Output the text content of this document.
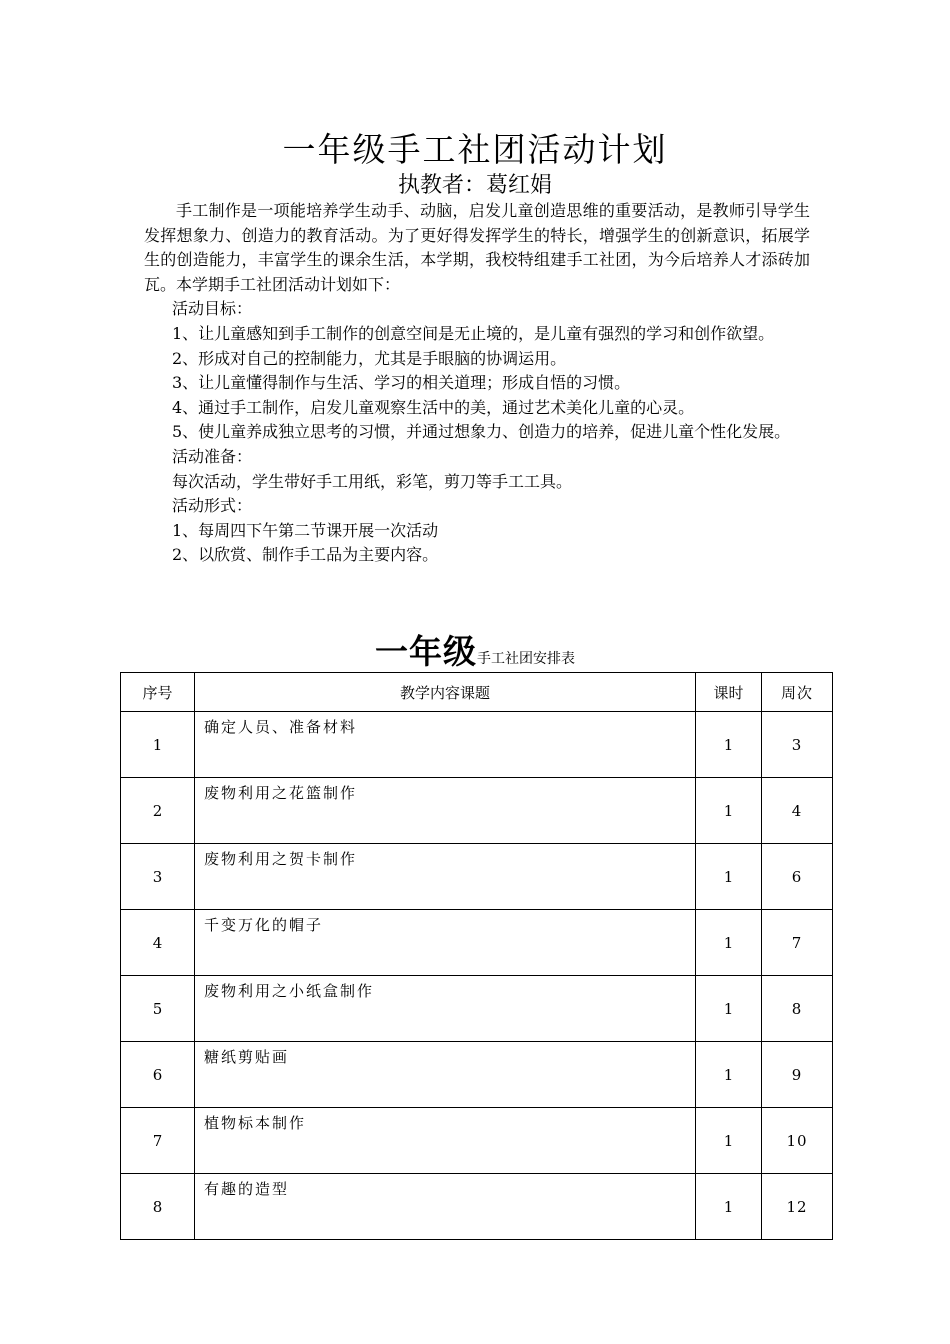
一年级手工社团活动计划
执教者：葛红娟

手工制作是一项能培养学生动手、动脑，启发儿童创造思维的重要活动，是教师引导学生发挥想象力、创造力的教育活动。为了更好得发挥学生的特长，增强学生的创新意识，拓展学生的创造能力，丰富学生的课余生活，本学期，我校特组建手工社团，为今后培养人才添砖加瓦。本学期手工社团活动计划如下：

活动目标：

1、让儿童感知到手工制作的创意空间是无止境的，是儿童有强烈的学习和创作欲望。

2、形成对自己的控制能力，尤其是手眼脑的协调运用。

3、让儿童懂得制作与生活、学习的相关道理；形成自悟的习惯。

4、通过手工制作，启发儿童观察生活中的美，通过艺术美化儿童的心灵。

5、使儿童养成独立思考的习惯，并通过想象力、创造力的培养，促进儿童个性化发展。

活动准备：

每次活动，学生带好手工用纸，彩笔，剪刀等手工工具。

活动形式：

1、每周四下午第二节课开展一次活动

2、以欣赏、制作手工品为主要内容。

一年级手工社团安排表
序号	教学内容课题	课时	周次
1	确定人员、准备材料	1	3
2	废物利用之花篮制作	1	4
3	废物利用之贺卡制作	1	6
4	千变万化的帽子	1	7
5	废物利用之小纸盒制作	1	8
6	糖纸剪贴画	1	9
7	植物标本制作	1	10
8	有趣的造型	1	12
